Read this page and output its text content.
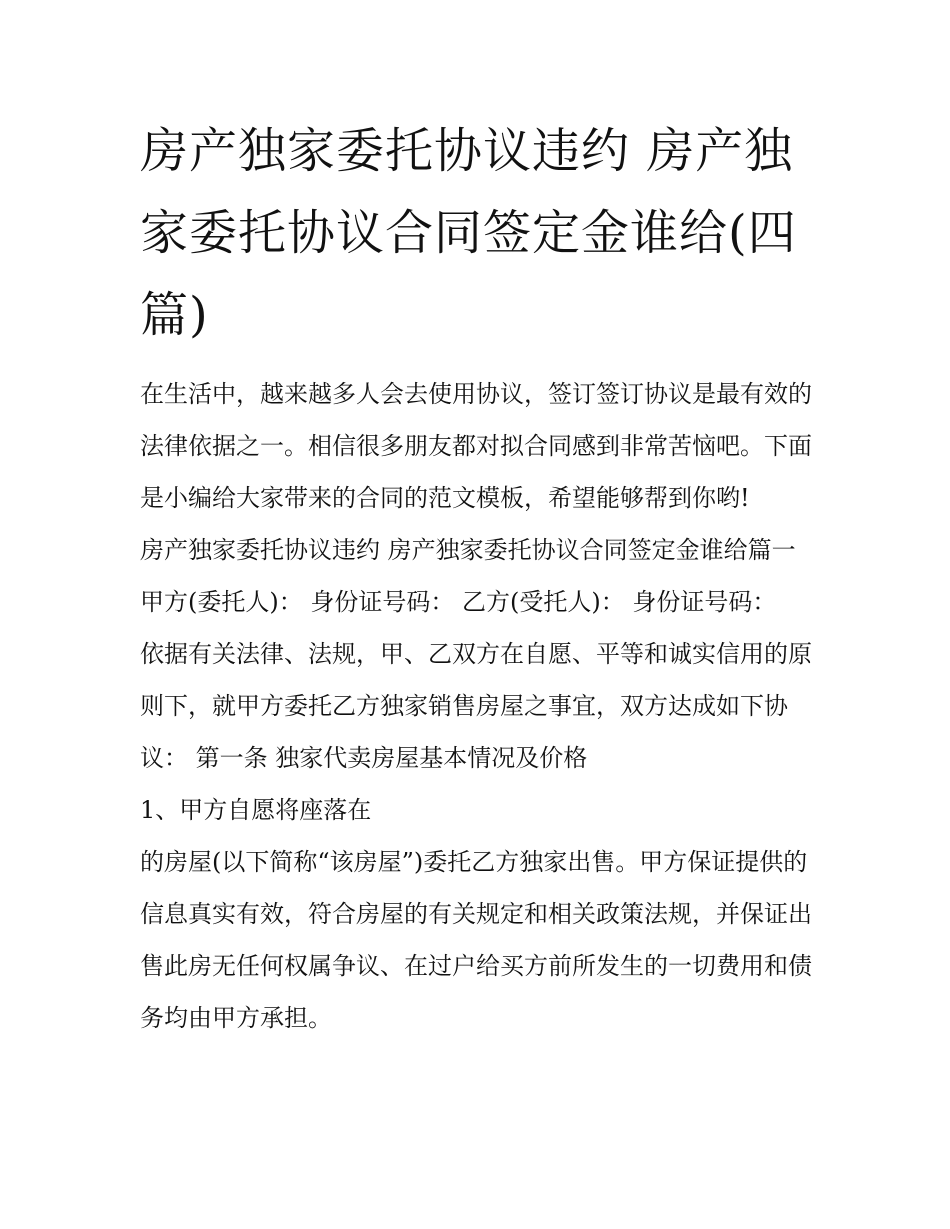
房产独家委托协议违约 房产独家委托协议合同签定金谁给(四篇)

在生活中，越来越多人会去使用协议，签订签订协议是最有效的法律依据之一。相信很多朋友都对拟合同感到非常苦恼吧。下面是小编给大家带来的合同的范文模板，希望能够帮到你哟!

房产独家委托协议违约 房产独家委托协议合同签定金谁给篇一 甲方(委托人)： 身份证号码： 乙方(受托人)： 身份证号码：

依据有关法律、法规，甲、乙双方在自愿、平等和诚实信用的原则下，就甲方委托乙方独家销售房屋之事宜，双方达成如下协议： 第一条 独家代卖房屋基本情况及价格

1、甲方自愿将座落在

的房屋(以下简称“该房屋”)委托乙方独家出售。甲方保证提供的信息真实有效，符合房屋的有关规定和相关政策法规，并保证出售此房无任何权属争议、在过户给买方前所发生的一切费用和债务均由甲方承担。
